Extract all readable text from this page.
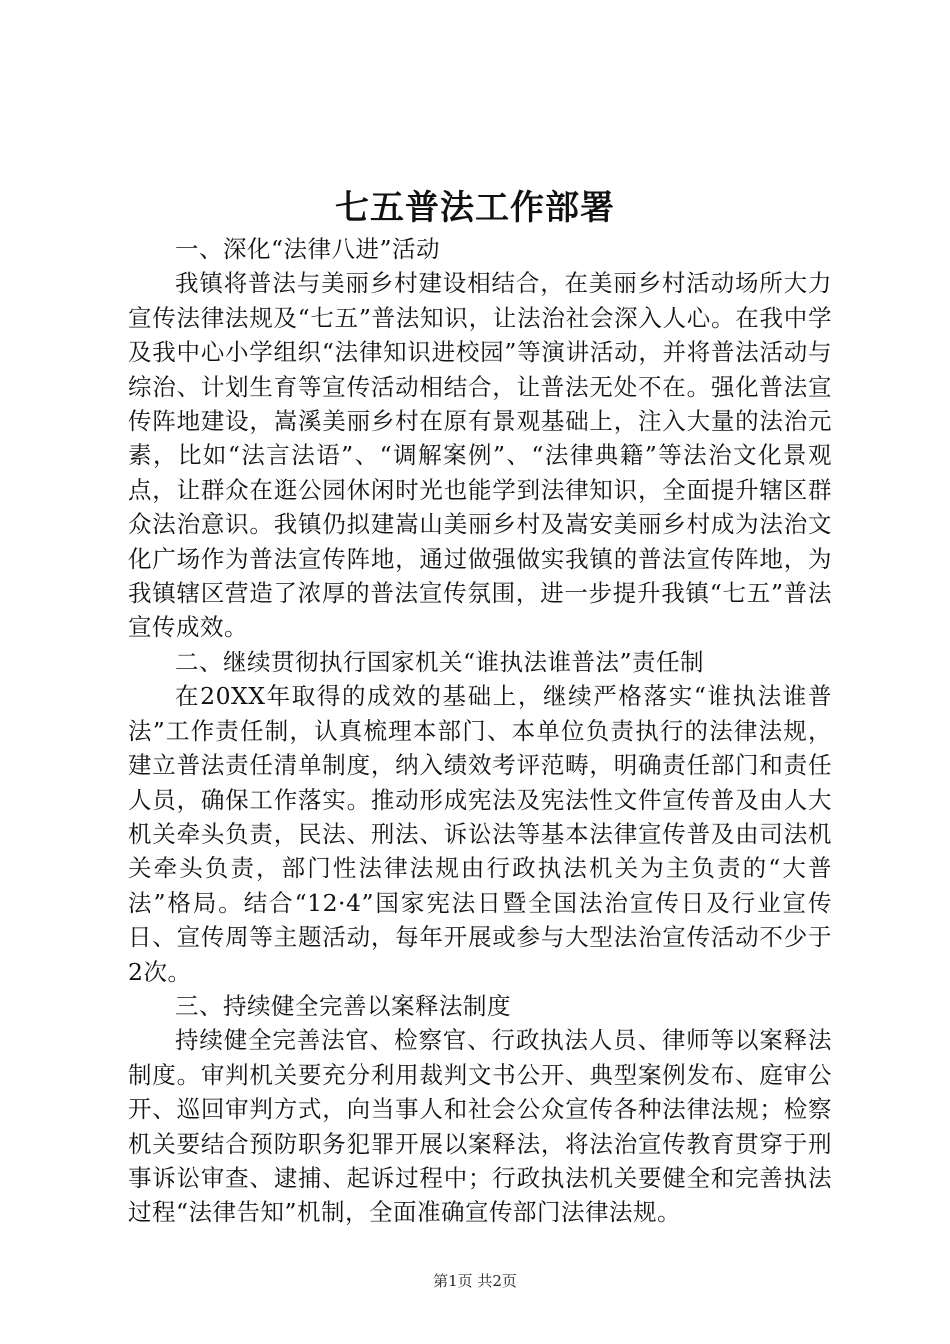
七五普法工作部署

一、深化“法律八进”活动

我镇将普法与美丽乡村建设相结合，在美丽乡村活动场所大力宣传法律法规及“七五”普法知识，让法治社会深入人心。在我中学及我中心小学组织“法律知识进校园”等演讲活动，并将普法活动与综治、计划生育等宣传活动相结合，让普法无处不在。强化普法宣传阵地建设，嵩溪美丽乡村在原有景观基础上，注入大量的法治元素，比如“法言法语”、“调解案例”、“法律典籍”等法治文化景观点，让群众在逛公园休闲时光也能学到法律知识，全面提升辖区群众法治意识。我镇仍拟建嵩山美丽乡村及嵩安美丽乡村成为法治文化广场作为普法宣传阵地，通过做强做实我镇的普法宣传阵地，为我镇辖区营造了浓厚的普法宣传氛围，进一步提升我镇“七五”普法宣传成效。

二、继续贯彻执行国家机关“谁执法谁普法”责任制

在20XX年取得的成效的基础上，继续严格落实“谁执法谁普法”工作责任制，认真梳理本部门、本单位负责执行的法律法规，建立普法责任清单制度，纳入绩效考评范畴，明确责任部门和责任人员，确保工作落实。推动形成宪法及宪法性文件宣传普及由人大机关牵头负责，民法、刑法、诉讼法等基本法律宣传普及由司法机关牵头负责，部门性法律法规由行政执法机关为主负责的“大普法”格局。结合“12·4”国家宪法日暨全国法治宣传日及行业宣传日、宣传周等主题活动，每年开展或参与大型法治宣传活动不少于2次。

三、持续健全完善以案释法制度

持续健全完善法官、检察官、行政执法人员、律师等以案释法制度。审判机关要充分利用裁判文书公开、典型案例发布、庭审公开、巡回审判方式，向当事人和社会公众宣传各种法律法规；检察机关要结合预防职务犯罪开展以案释法，将法治宣传教育贯穿于刑事诉讼审查、逮捕、起诉过程中；行政执法机关要健全和完善执法过程“法律告知”机制，全面准确宣传部门法律法规。

第1页 共2页
